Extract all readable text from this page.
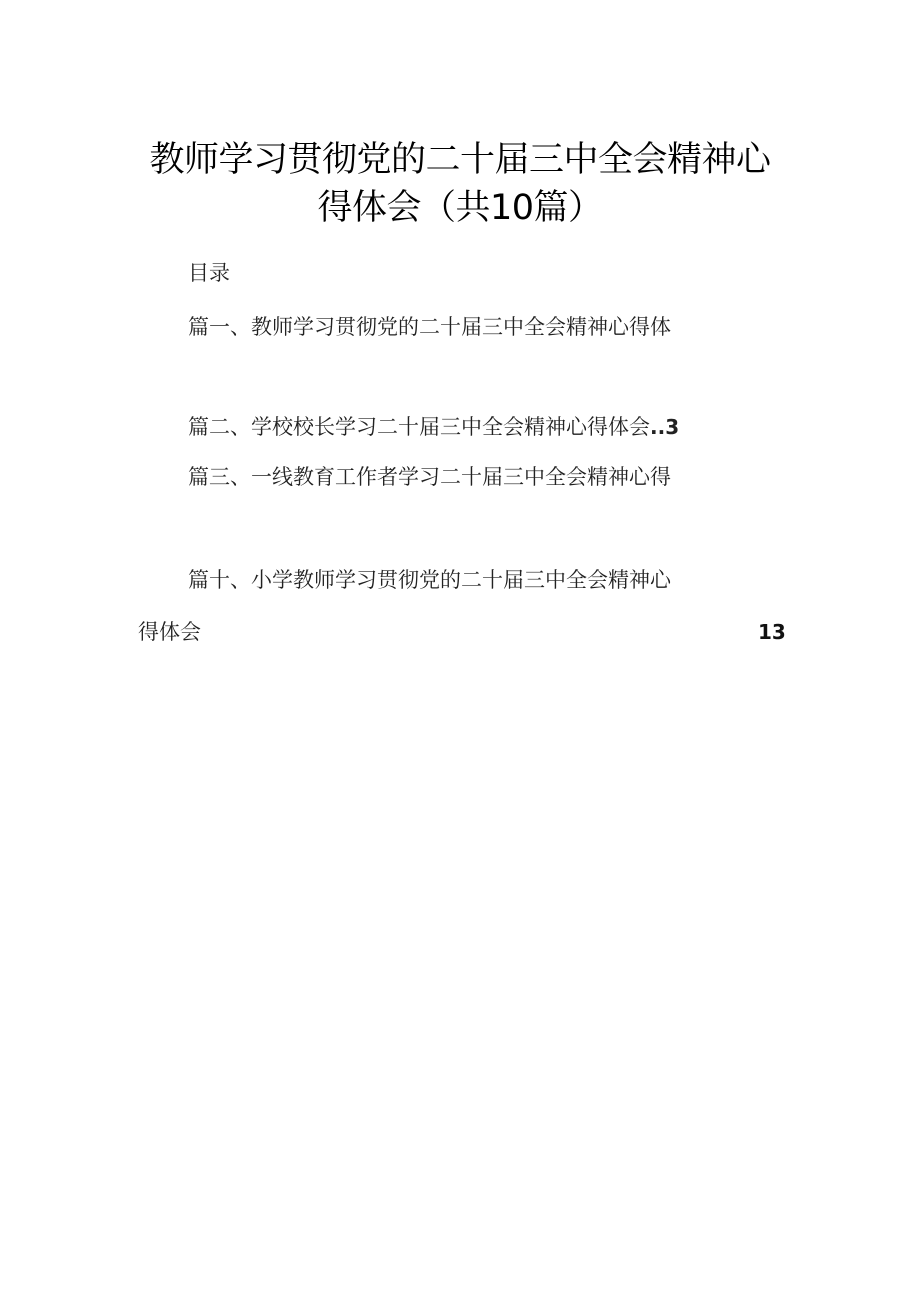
教师学习贯彻党的二十届三中全会精神心
得体会（共10篇）
目录
篇一、教师学习贯彻党的二十届三中全会精神心得体
篇二、学校校长学习二十届三中全会精神心得体会..3
篇三、一线教育工作者学习二十届三中全会精神心得
篇十、小学教师学习贯彻党的二十届三中全会精神心
得体会	13
